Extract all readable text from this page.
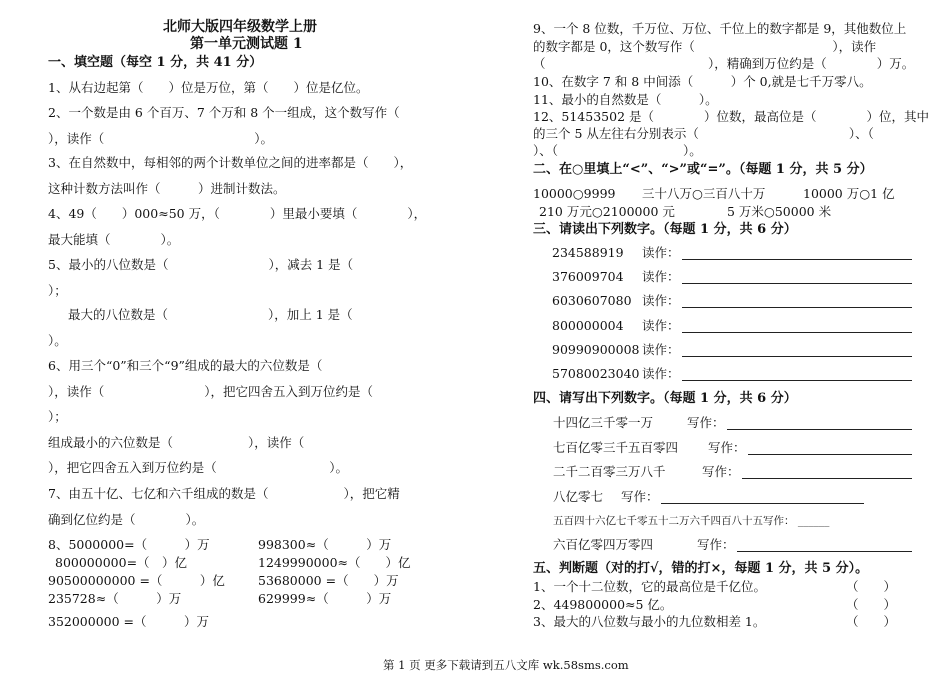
北师大版四年级数学上册
第一单元测试题 1
一、填空题（每空 1 分，共 41 分）
1、从右边起第（　　）位是万位，第（　　）位是亿位。
2、一个数是由 6 个百万、7 个万和 8 个一组成，这个数写作（
），读作（　　　　　　　　　　　　）。
3、在自然数中，每相邻的两个计数单位之间的进率都是（　　），
这种计数方法叫作（　　　）进制计数法。
4、49（　　）000≈50 万，（　　　　）里最小要填（　　　　），
最大能填（　　　　）。
5、最小的八位数是（　　　　　　　　），减去 1 是（
）；
最大的八位数是（　　　　　　　　），加上 1 是（
）。
6、用三个“0”和三个“9”组成的最大的六位数是（
），读作（　　　　　　　　），把它四舍五入到万位约是（
）；
组成最小的六位数是（　　　　　　），读作（
），把它四舍五入到万位约是（　　　　　　　　　）。
7、由五十亿、七亿和六千组成的数是（　　　　　　），把它精
确到亿位约是（　　　　）。
8、5000000=（　　　）万	998300≈（　　　）万
800000000=（　）亿	1249990000≈（　　）亿
90500000000 =（　　　）亿	53680000 =（　　）万
235728≈（　　　）万	629999≈（　　　）万
352000000 =（　　　）万
9、一个 8 位数，千万位、万位、千位上的数字都是 9，其他数位上
的数字都是 0，这个数写作（　　　　　　　　　　　），读作
（　　　　　　　　　　　　　），精确到万位约是（　　　　）万。
10、在数字 7 和 8 中间添（　　　）个 0,就是七千万零八。
11、最小的自然数是（　　　）。
12、51453502 是（　　　　）位数，最高位是（　　　　）位，其中
的三个 5 从左往右分别表示（　　　　　　　　　　　　）、（
）、（　　　　　　　　　　）。
二、在○里填上“<”、“>”或“=”。（每题 1 分，共 5 分）
10000○9999 三十八万○三百八十万	10000 万○1 亿
210 万元○2100000 元	5 万米○50000 米
三、请读出下列数字。（每题 1 分，共 6 分）
234588919 读作：
376009704 读作：
6030607080 读作：
800000004 读作：
90990900008 读作：
57080023040 读作：
四、请写出下列数字。（每题 1 分，共 6 分）
十四亿三千零一万	写作：
七百亿零三千五百零四 写作：
二千二百零三万八千	写作：
八亿零七 写作：
五百四十六亿七千零五十二万六千四百八十五写作： ______
六百亿零四万零四	写作：
五、判断题（对的打√，错的打×，每题 1 分，共 5 分）。
1、一个十二位数，它的最高位是千亿位。	（　　）
2、449800000≈5 亿。	（　　）
3、最大的八位数与最小的九位数相差 1。	（　　）
第 1 页 更多下载请到五八文库 wk.58sms.com
